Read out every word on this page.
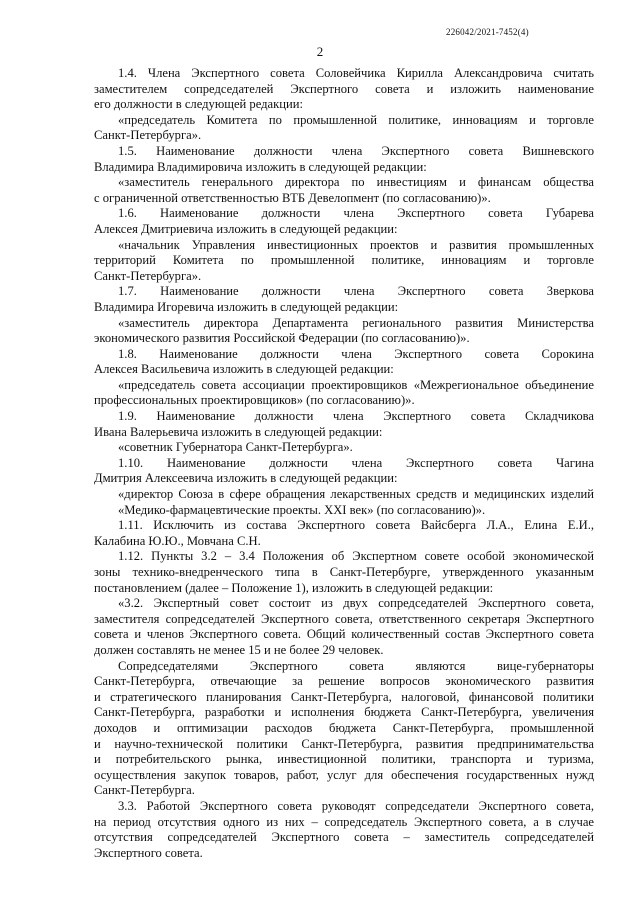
226042/2021-7452(4)
2
1.4. Члена Экспертного совета Соловейчика Кирилла Александровича считать
заместителем сопредседателей Экспертного совета и изложить наименование
его должности в следующей редакции:
«председатель Комитета по промышленной политике, инновациям и торговле
Санкт-Петербурга».
1.5. Наименование должности члена Экспертного совета Вишневского
Владимира Владимировича изложить в следующей редакции:
«заместитель генерального директора по инвестициям и финансам общества
с ограниченной ответственностью ВТБ Девелопмент (по согласованию)».
1.6. Наименование должности члена Экспертного совета Губарева
Алексея Дмитриевича изложить в следующей редакции:
«начальник Управления инвестиционных проектов и развития промышленных
территорий Комитета по промышленной политике, инновациям и торговле
Санкт-Петербурга».
1.7. Наименование должности члена Экспертного совета Зверкова
Владимира Игоревича изложить в следующей редакции:
«заместитель директора Департамента регионального развития Министерства
экономического развития Российской Федерации (по согласованию)».
1.8. Наименование должности члена Экспертного совета Сорокина
Алексея Васильевича изложить в следующей редакции:
«председатель совета ассоциации проектировщиков «Межрегиональное объединение
профессиональных проектировщиков» (по согласованию)».
1.9. Наименование должности члена Экспертного совета Складчикова
Ивана Валерьевича изложить в следующей редакции:
«советник Губернатора Санкт-Петербурга».
1.10. Наименование должности члена Экспертного совета Чагина
Дмитрия Алексеевича изложить в следующей редакции:
«директор Союза в сфере обращения лекарственных средств и медицинских изделий
«Медико-фармацевтические проекты. XXI век» (по согласованию)».
1.11. Исключить из состава Экспертного совета Вайсберга Л.А., Елина Е.И.,
Калабина Ю.Ю., Мовчана С.Н.
1.12. Пункты 3.2 – 3.4 Положения об Экспертном совете особой экономической
зоны технико-внедренческого типа в Санкт-Петербурге, утвержденного указанным
постановлением (далее – Положение 1), изложить в следующей редакции:
«3.2. Экспертный совет состоит из двух сопредседателей Экспертного совета,
заместителя сопредседателей Экспертного совета, ответственного секретаря Экспертного
совета и членов Экспертного совета. Общий количественный состав Экспертного совета
должен составлять не менее 15 и не более 29 человек.
Сопредседателями Экспертного совета являются вице-губернаторы
Санкт-Петербурга, отвечающие за решение вопросов экономического развития
и стратегического планирования Санкт-Петербурга, налоговой, финансовой политики
Санкт-Петербурга, разработки и исполнения бюджета Санкт-Петербурга, увеличения
доходов и оптимизации расходов бюджета Санкт-Петербурга, промышленной
и научно-технической политики Санкт-Петербурга, развития предпринимательства
и потребительского рынка, инвестиционной политики, транспорта и туризма,
осуществления закупок товаров, работ, услуг для обеспечения государственных нужд
Санкт-Петербурга.
3.3. Работой Экспертного совета руководят сопредседатели Экспертного совета,
на период отсутствия одного из них – сопредседатель Экспертного совета, а в случае
отсутствия сопредседателей Экспертного совета – заместитель сопредседателей
Экспертного совета.
